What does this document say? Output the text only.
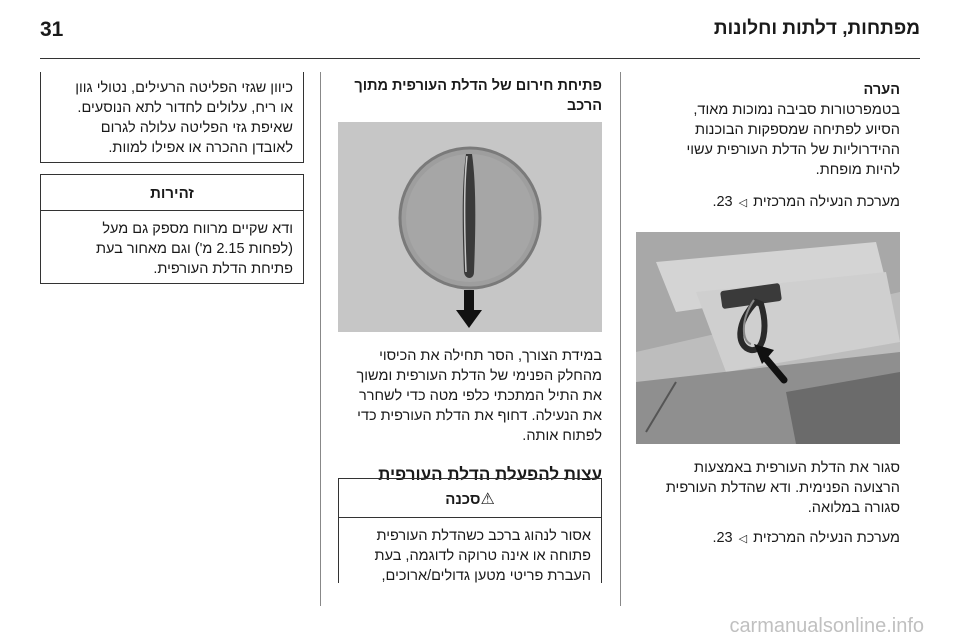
31	מפתחות, דלתות וחלונות

הערה

בטמפרטורות סביבה נמוכות מאוד,

הסיוע לפתיחה שמספקות הבוכנות

ההידרוליות של הדלת העורפית עשוי

להיות מופחת.

מערכת הנעילה המרכזית ◁ 23.

סגור את הדלת העורפית באמצעות

הרצועה הפנימית. ודא שהדלת העורפית

סגורה במלואה.

מערכת הנעילה המרכזית ◁ 23.

פתיחת חירום של הדלת העורפית מתוך

הרכב

במידת הצורך, הסר תחילה את הכיסוי

מהחלק הפנימי של הדלת העורפית ומשוך

את התיל המתכתי כלפי מטה כדי לשחרר

את הנעילה. דחוף את הדלת העורפית כדי

לפתוח אותה.

עצות להפעלת הדלת העורפית

⚠סכנה
אסור לנהוג ברכב כשהדלת העורפית
פתוחה או אינה טרוקה לדוגמה, בעת
העברת פריטי מטען גדולים/ארוכים,
כיוון שגזי הפליטה הרעילים, נטולי גוון
או ריח, עלולים לחדור לתא הנוסעים.
שאיפת גזי הפליטה עלולה לגרום
לאובדן ההכרה או אפילו למוות.
זהירות
ודא שקיים מרווח מספק גם מעל
(לפחות 2.15 מ') וגם מאחור בעת
פתיחת הדלת העורפית.
carmanualsonline.info
